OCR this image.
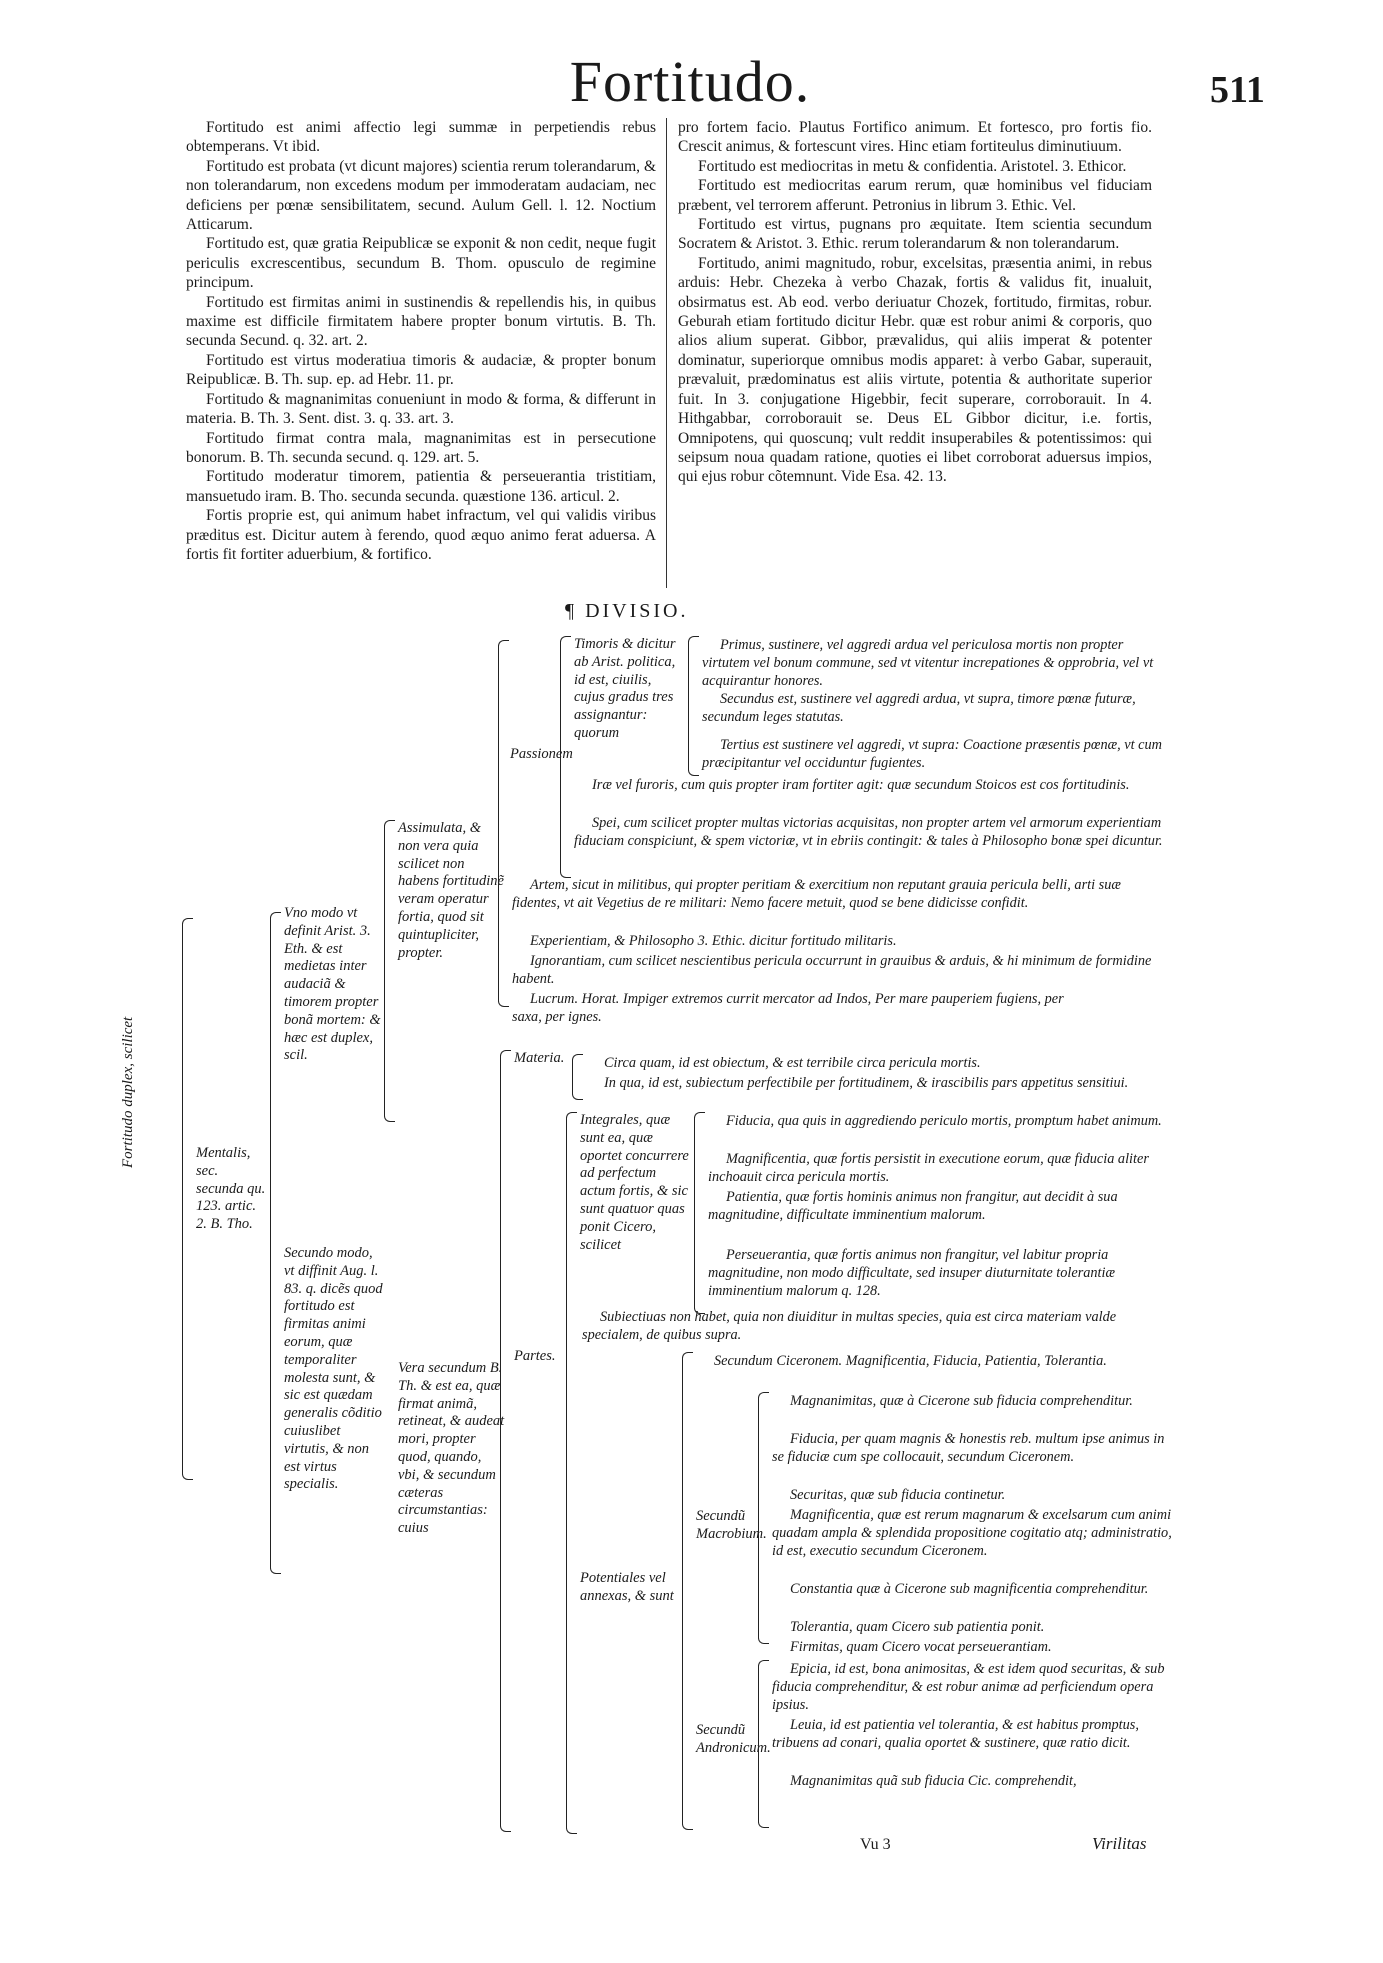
Fortitudo.	511

Fortitudo est animi affectio legi summæ in perpetiendis rebus obtemperans. Vt ibid.

Fortitudo est probata (vt dicunt majores) scientia rerum tolerandarum, & non tolerandarum, non excedens modum per immoderatam audaciam, nec deficiens per pœnæ sensibilitatem, secund. Aulum Gell. l. 12. Noctium Atticarum.

Fortitudo est, quæ gratia Reipublicæ se exponit & non cedit, neque fugit periculis excrescentibus, secundum B. Thom. opusculo de regimine principum.

Fortitudo est firmitas animi in sustinendis & repellendis his, in quibus maxime est difficile firmitatem habere propter bonum virtutis. B. Th. secunda Secund. q. 32. art. 2.

Fortitudo est virtus moderatiua timoris & audaciæ, & propter bonum Reipublicæ. B. Th. sup. ep. ad Hebr. 11. pr.

Fortitudo & magnanimitas conueniunt in modo & forma, & differunt in materia. B. Th. 3. Sent. dist. 3. q. 33. art. 3.

Fortitudo firmat contra mala, magnanimitas est in persecutione bonorum. B. Th. secunda secund. q. 129. art. 5.

Fortitudo moderatur timorem, patientia & perseuerantia tristitiam, mansuetudo iram. B. Tho. secunda secunda. quæstione 136. articul. 2.

Fortis proprie est, qui animum habet infractum, vel qui validis viribus præditus est. Dicitur autem à ferendo, quod æquo animo ferat aduersa. A fortis fit fortiter aduerbium, & fortifico.

pro fortem facio. Plautus Fortifico animum. Et fortesco, pro fortis fio. Crescit animus, & fortescunt vires. Hinc etiam fortiteulus diminutiuum.

Fortitudo est mediocritas in metu & confidentia. Aristotel. 3. Ethicor.

Fortitudo est mediocritas earum rerum, quæ hominibus vel fiduciam præbent, vel terrorem afferunt. Petronius in librum 3. Ethic. Vel.

Fortitudo est virtus, pugnans pro æquitate. Item scientia secundum Socratem & Aristot. 3. Ethic. rerum tolerandarum & non tolerandarum.

Fortitudo, animi magnitudo, robur, excelsitas, præsentia animi, in rebus arduis: Hebr. Chezeka à verbo Chazak, fortis & validus fit, inualuit, obsirmatus est. Ab eod. verbo deriuatur Chozek, fortitudo, firmitas, robur. Geburah etiam fortitudo dicitur Hebr. quæ est robur animi & corporis, quo alios alium superat. Gibbor, prævalidus, qui aliis imperat & potenter dominatur, superiorque omnibus modis apparet: à verbo Gabar, superauit, prævaluit, prædominatus est aliis virtute, potentia & authoritate superior fuit. In 3. conjugatione Higebbir, fecit superare, corroborauit. In 4. Hithgabbar, corroborauit se. Deus EL Gibbor dicitur, i.e. fortis, Omnipotens, qui quoscunq; vult reddit insuperabiles & potentissimos: qui seipsum noua quadam ratione, quoties ei libet corroborat aduersus impios, qui ejus robur cõtemnunt. Vide Esa. 42. 13.

¶ DIVISIO.
Fortitudo duplex, scilicet	Mentalis, sec. secunda qu. 123. artic. 2. B. Tho.
Vno modo vt definit Arist. 3. Eth. & est medietas inter audaciã & timorem propter bonã mortem: & hæc est duplex, scil.
Secundo modo, vt diffinit Aug. l. 83. q. dicẽs quod fortitudo est firmitas animi eorum, quæ temporaliter molesta sunt, & sic est quædam generalis cõditio cuiuslibet virtutis, & non est virtus specialis.
Assimulata, & non vera quia scilicet non habens fortitudinẽ veram operatur fortia, quod sit quintupliciter, propter.
Vera secundum B. Th. & est ea, quæ firmat animã, retineat, & audeat mori, propter quod, quando, vbi, & secundum cæteras circumstantias: cuius
Passionem
Timoris & dicitur ab Arist. politica, id est, ciuilis, cujus gradus tres assignantur: quorum
Primus, sustinere, vel aggredi ardua vel periculosa mortis non propter virtutem vel bonum commune, sed vt vitentur increpationes & opprobria, vel vt acquirantur honores.
Secundus est, sustinere vel aggredi ardua, vt supra, timore pœnæ futuræ, secundum leges statutas.
Tertius est sustinere vel aggredi, vt supra: Coactione præsentis pœnæ, vt cum præcipitantur vel occiduntur fugientes.
Iræ vel furoris, cum quis propter iram fortiter agit: quæ secundum Stoicos est cos fortitudinis.
Spei, cum scilicet propter multas victorias acquisitas, non propter artem vel armorum experientiam fiduciam conspiciunt, & spem victoriæ, vt in ebriis contingit: & tales à Philosopho bonæ spei dicuntur.
Artem, sicut in militibus, qui propter peritiam & exercitium non reputant grauia pericula belli, arti suæ fidentes, vt ait Vegetius de re militari: Nemo facere metuit, quod se bene didicisse confidit.
Experientiam, & Philosopho 3. Ethic. dicitur fortitudo militaris.
Ignorantiam, cum scilicet nescientibus pericula occurrunt in grauibus & arduis, & hi minimum de formidine habent.
Lucrum. Horat. Impiger extremos currit mercator ad Indos, Per mare pauperiem fugiens, per saxa, per ignes.
Materia.	Circa quam, id est obiectum, & est terribile circa pericula mortis.
In qua, id est, subiectum perfectibile per fortitudinem, & irascibilis pars appetitus sensitiui.
Partes.
Integrales, quæ sunt ea, quæ oportet concurrere ad perfectum actum fortis, & sic sunt quatuor quas ponit Cicero, scilicet
Fiducia, qua quis in aggrediendo periculo mortis, promptum habet animum.
Magnificentia, quæ fortis persistit in executione eorum, quæ fiducia aliter inchoauit circa pericula mortis.
Patientia, quæ fortis hominis animus non frangitur, aut decidit à sua magnitudine, difficultate imminentium malorum.
Perseuerantia, quæ fortis animus non frangitur, vel labitur propria magnitudine, non modo difficultate, sed insuper diuturnitate tolerantiæ imminentium malorum q. 128.
Subiectiuas non habet, quia non diuiditur in multas species, quia est circa materiam valde specialem, de quibus supra.
Potentiales vel annexas, & sunt
Secundum Ciceronem. Magnificentia, Fiducia, Patientia, Tolerantia.
Secundũ Macrobium.
Magnanimitas, quæ à Cicerone sub fiducia comprehenditur.
Fiducia, per quam magnis & honestis reb. multum ipse animus in se fiduciæ cum spe collocauit, secundum Ciceronem.
Securitas, quæ sub fiducia continetur.
Magnificentia, quæ est rerum magnarum & excelsarum cum animi quadam ampla & splendida propositione cogitatio atq; administratio, id est, executio secundum Ciceronem.
Constantia quæ à Cicerone sub magnificentia comprehenditur.
Tolerantia, quam Cicero sub patientia ponit.
Firmitas, quam Cicero vocat perseuerantiam.
Secundũ Andronicum.
Epicia, id est, bona animositas, & est idem quod securitas, & sub fiducia comprehenditur, & est robur animæ ad perficiendum opera ipsius.
Leuia, id est patientia vel tolerantia, & est habitus promptus, tribuens ad conari, qualia oportet & sustinere, quæ ratio dicit.
Magnanimitas quã sub fiducia Cic. comprehendit,
Vu 3	Virilitas
